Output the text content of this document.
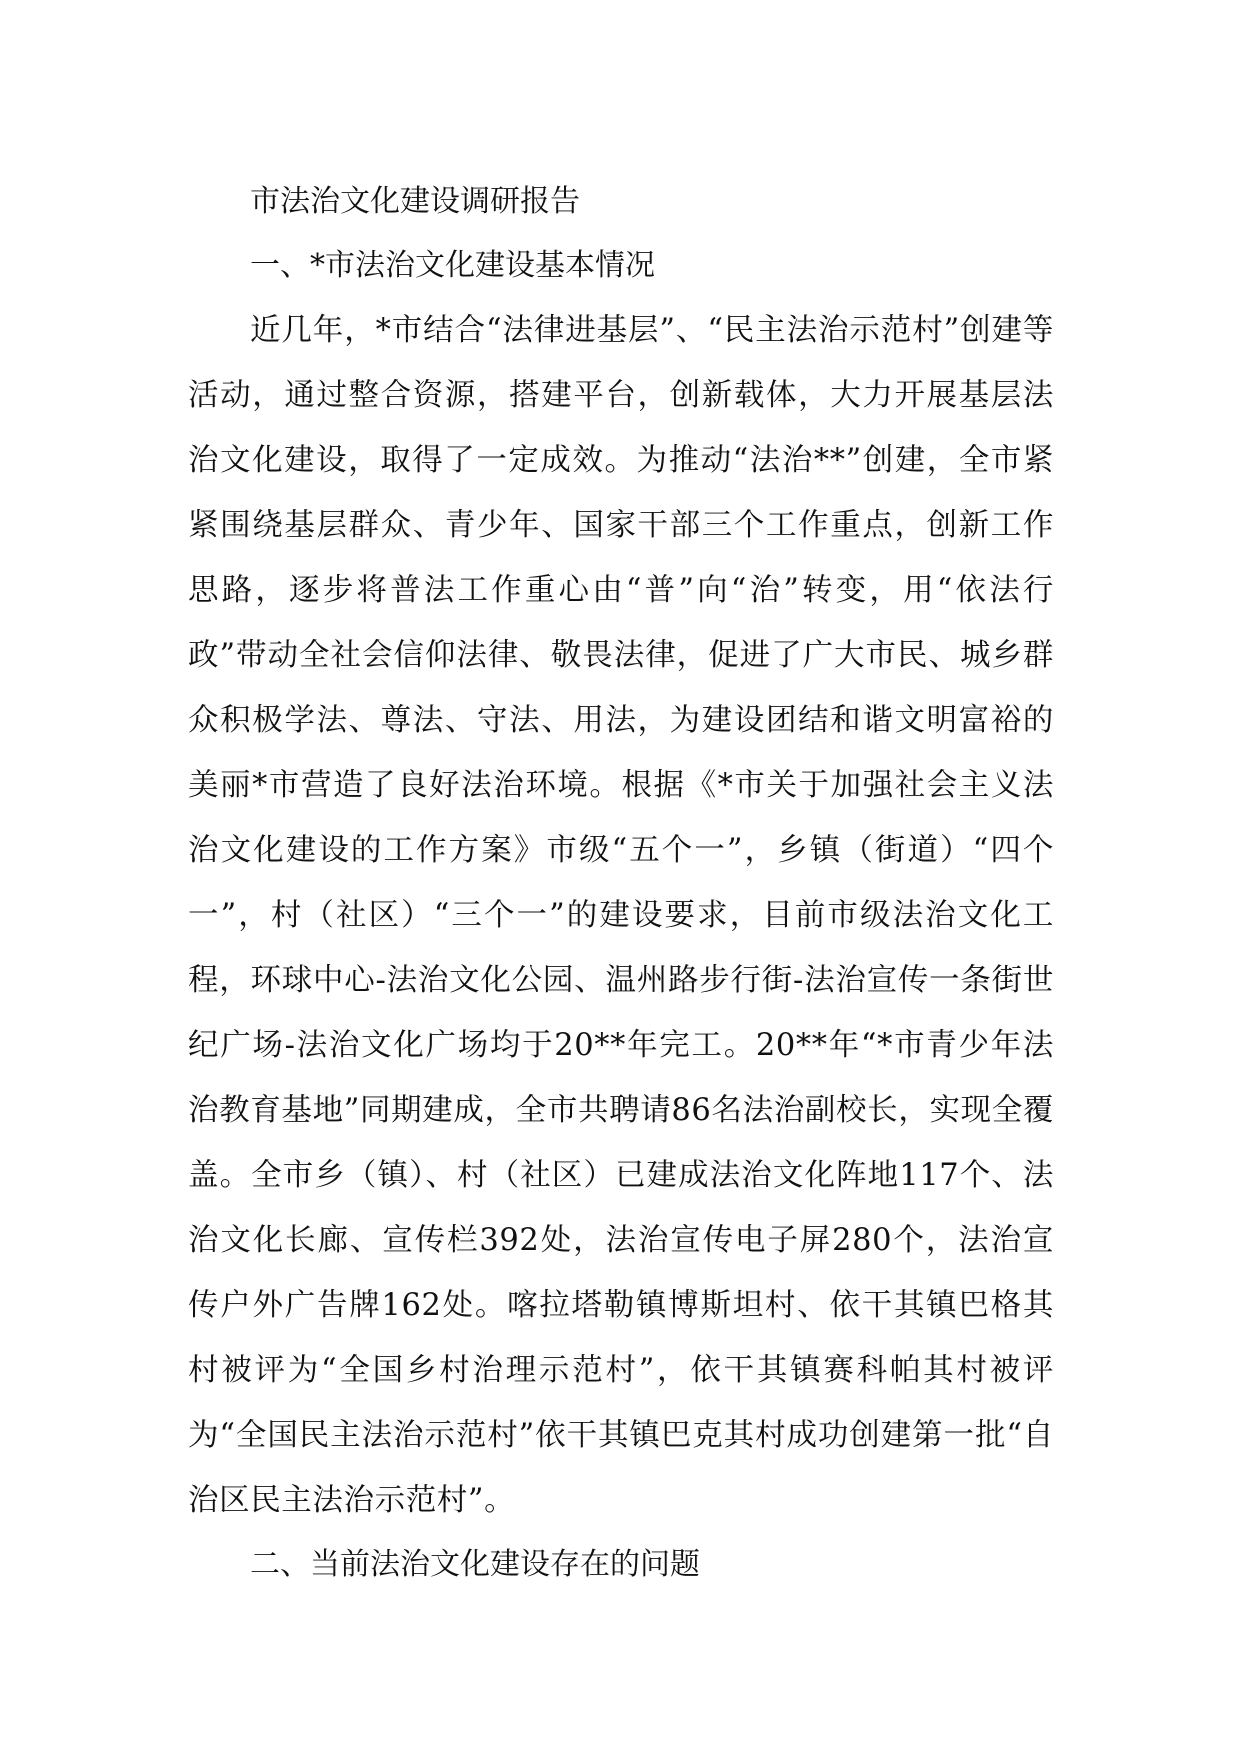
市法治文化建设调研报告

一、*市法治文化建设基本情况

近几年，*市结合“法律进基层”、“民主法治示范村”创建等活动，通过整合资源，搭建平台，创新载体，大力开展基层法治文化建设，取得了一定成效。为推动“法治**”创建，全市紧紧围绕基层群众、青少年、国家干部三个工作重点，创新工作思路，逐步将普法工作重心由“普”向“治”转变，用“依法行政”带动全社会信仰法律、敬畏法律，促进了广大市民、城乡群众积极学法、尊法、守法、用法，为建设团结和谐文明富裕的美丽*市营造了良好法治环境。根据《*市关于加强社会主义法治文化建设的工作方案》市级“五个一”，乡镇（街道）“四个一”，村（社区）“三个一”的建设要求，目前市级法治文化工程，环球中心-法治文化公园、温州路步行街-法治宣传一条街世纪广场-法治文化广场均于20**年完工。20**年“*市青少年法治教育基地”同期建成，全市共聘请86名法治副校长，实现全覆盖。全市乡（镇）、村（社区）已建成法治文化阵地117个、法治文化长廊、宣传栏392处，法治宣传电子屏280个，法治宣传户外广告牌162处。喀拉塔勒镇博斯坦村、依干其镇巴格其村被评为“全国乡村治理示范村”，依干其镇赛科帕其村被评为“全国民主法治示范村”依干其镇巴克其村成功创建第一批“自治区民主法治示范村”。

二、当前法治文化建设存在的问题
